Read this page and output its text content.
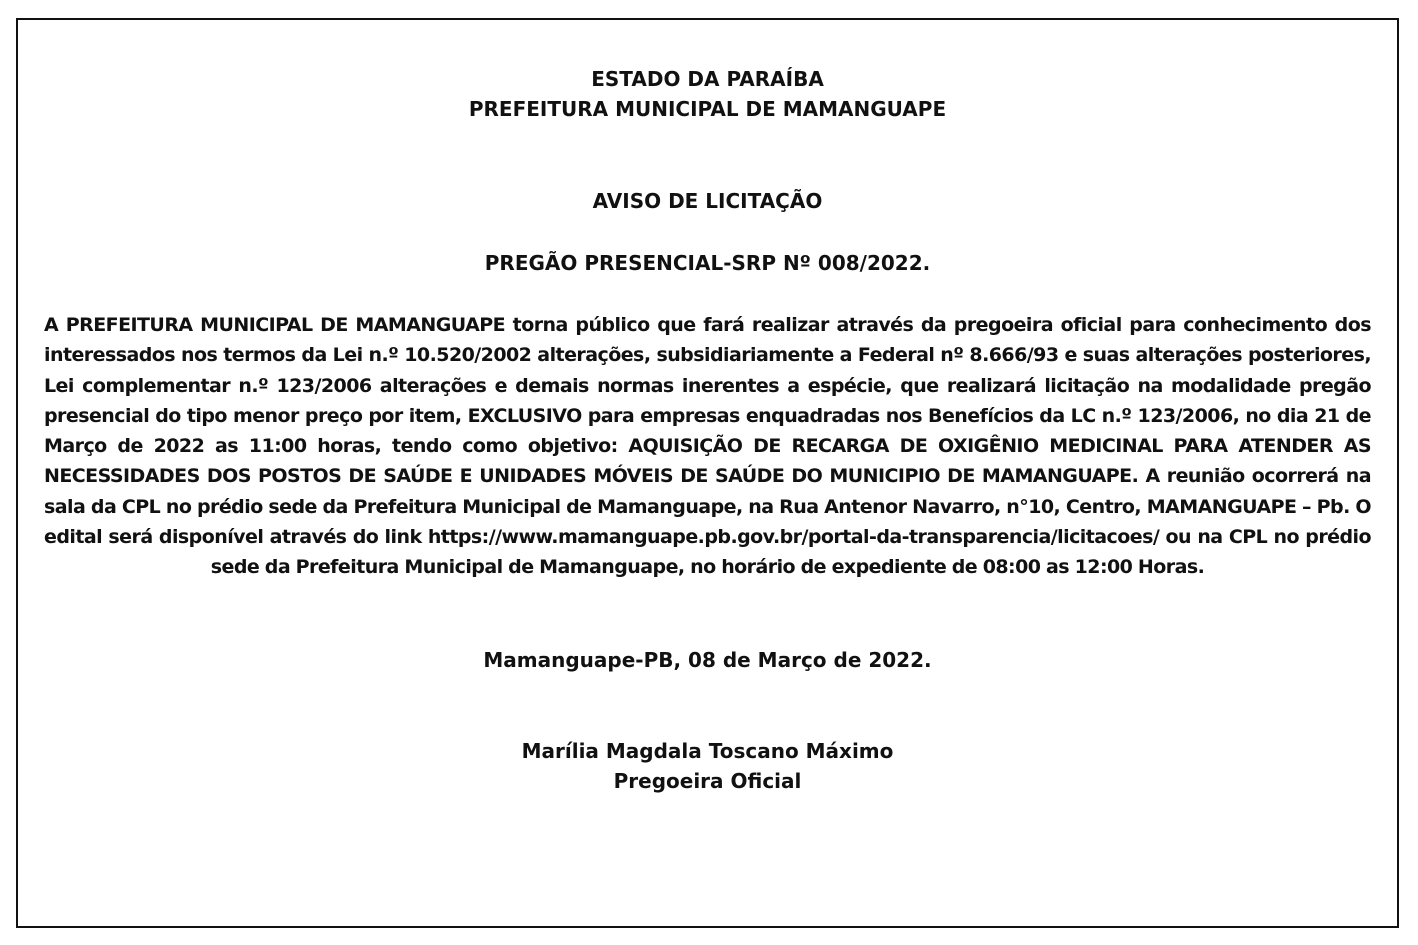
ESTADO DA PARAÍBA
PREFEITURA MUNICIPAL DE MAMANGUAPE
AVISO DE LICITAÇÃO
PREGÃO PRESENCIAL-SRP Nº 008/2022.
A PREFEITURA MUNICIPAL DE MAMANGUAPE torna público que fará realizar através da pregoeira oficial para conhecimento dos interessados nos termos da Lei n.º 10.520/2002 alterações, subsidiariamente a Federal nº 8.666/93 e suas alterações posteriores, Lei complementar n.º 123/2006 alterações e demais normas inerentes a espécie, que realizará licitação na modalidade pregão presencial do tipo menor preço por item, EXCLUSIVO para empresas enquadradas nos Benefícios da LC n.º 123/2006, no dia 21 de Março de 2022 as 11:00 horas, tendo como objetivo: AQUISIÇÃO DE RECARGA DE OXIGÊNIO MEDICINAL PARA ATENDER AS NECESSIDADES DOS POSTOS DE SAÚDE E UNIDADES MÓVEIS DE SAÚDE DO MUNICIPIO DE MAMANGUAPE. A reunião ocorrerá na sala da CPL no prédio sede da Prefeitura Municipal de Mamanguape, na Rua Antenor Navarro, n°10, Centro, MAMANGUAPE – Pb. O edital será disponível através do link https://www.mamanguape.pb.gov.br/portal-da-transparencia/licitacoes/ ou na CPL no prédio sede da Prefeitura Municipal de Mamanguape, no horário de expediente de 08:00 as 12:00 Horas.
Mamanguape-PB, 08 de Março de 2022.
Marília Magdala Toscano Máximo
Pregoeira Oficial
